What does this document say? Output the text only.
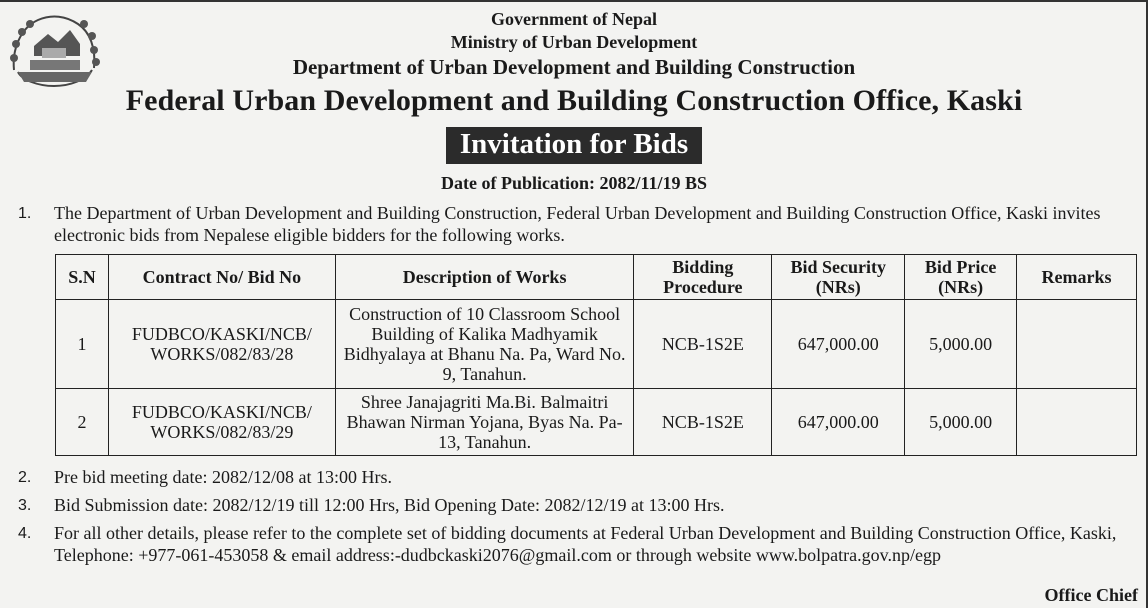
Government of Nepal
Ministry of Urban Development
Department of Urban Development and Building Construction
Federal Urban Development and Building Construction Office, Kaski
Invitation for Bids
Date of Publication: 2082/11/19 BS
1. The Department of Urban Development and Building Construction, Federal Urban Development and Building Construction Office, Kaski invites electronic bids from Nepalese eligible bidders for the following works.
S.N	Contract No/ Bid No	Description of Works	Bidding Procedure	Bid Security (NRs)	Bid Price (NRs)	Remarks
1	FUDBCO/KASKI/NCB/ WORKS/082/83/28	Construction of 10 Classroom School Building of Kalika Madhyamik Bidhyalaya at Bhanu Na. Pa, Ward No. 9, Tanahun.	NCB-1S2E	647,000.00	5,000.00	
2	FUDBCO/KASKI/NCB/ WORKS/082/83/29	Shree Janajagriti Ma.Bi. Balmaitri Bhawan Nirman Yojana, Byas Na. Pa-13, Tanahun.	NCB-1S2E	647,000.00	5,000.00	
2. Pre bid meeting date: 2082/12/08 at 13:00 Hrs.
3. Bid Submission date: 2082/12/19 till 12:00 Hrs, Bid Opening Date: 2082/12/19 at 13:00 Hrs.
4. For all other details, please refer to the complete set of bidding documents at Federal Urban Development and Building Construction Office, Kaski, Telephone: +977-061-453058 & email address:-dudbckaski2076@gmail.com or through website www.bolpatra.gov.np/egp
Office Chief
